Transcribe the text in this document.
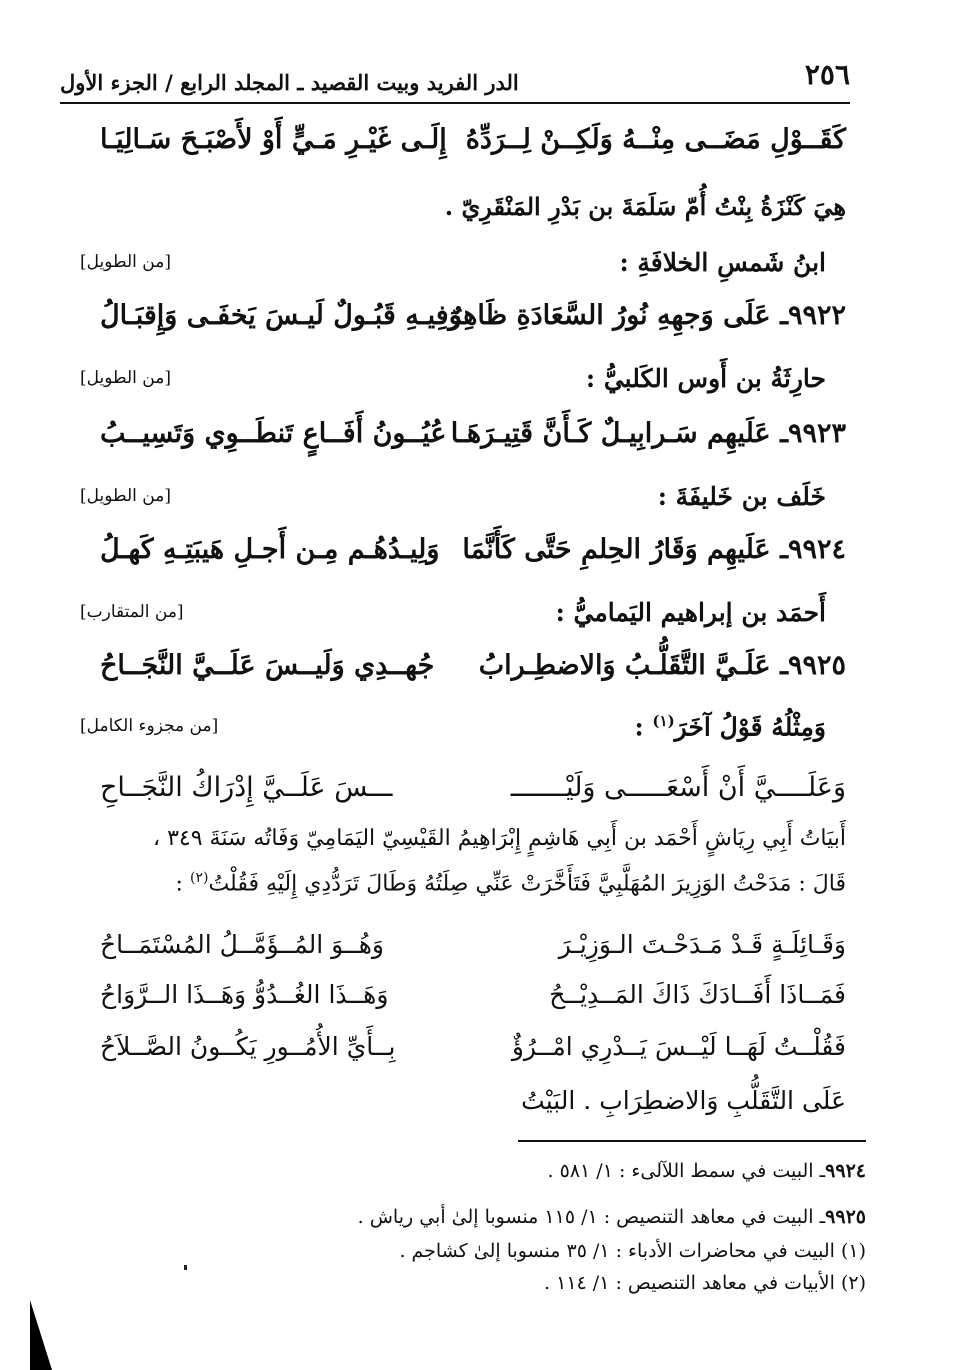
٢٥٦
الدر الفريد وبيت القصيد ـ المجلد الرابع / الجزء الأول
كَقَــوْلِ مَضَــى مِنْــهُ وَلَكِــنْ لِــرَدِّهُ
إِلَـى غَيْـرِ مَـيٍّ أَوْ لأَصْبَـحَ سَـالِيَـا
هِيَ كَنْزَةُ بِنْتُ أُمّ سَلَمَةَ بن بَدْرِ المَنْقَرِيّ .
ابنُ شَمسِ الخلافَةِ :
[من الطويل]
٩٩٢٢ـ عَلَى وَجهِهِ نُورُ السَّعَادَةِ ظَاهِرٌ
وَفِيـهِ قَبُـولٌ لَيـسَ يَخفَـى وَإِقبَـالُ
حارِثَةُ بن أَوس الكَلبيُّ :
[من الطويل]
٩٩٢٣ـ عَلَيهِم سَـرابِيـلٌ كَـأَنَّ قَتِيـرَهَـا
عُيُــونُ أَفَــاعٍ تَنطَــوِي وَتَسِيــبُ
خَلَف بن خَليفَةَ :
[من الطويل]
٩٩٢٤ـ عَلَيهِم وَقَارُ الحِلمِ حَتَّى كَأَنَّمَا
وَلِيـدُهُـم مِـن أَجـلِ هَيبَتِـهِ كَهـلُ
أَحمَد بن إبراهيم اليَماميُّ :
[من المتقارب]
٩٩٢٥ـ عَلَـيَّ التَّقَلُّـبُ وَالاضطِـرابُ
جُهــدِي وَلَيــسَ عَلَــيَّ النَّجَــاحُ
وَمِثْلُهُ قَوْلُ آخَرَ$^{(١)}$ :
[من مجزوء الكامل]
وَعَلَــــيَّ أَنْ أَسْعَـــــى وَلَيْـــــــ
ـــسَ عَلَــيَّ إِدْرَاكُ النَّجَــاحِ
أَبيَاتُ أَبِي رِيَاشٍ أَحْمَد بن أَبِي هَاشِمٍ إِبْرَاهِيمُ القَيْسِيّ اليَمَامِيّ وَفَاتُه سَنَةَ ٣٤٩ ،
قَالَ : مَدَحْتُ الوَزِيرَ المُهَلَّبِيَّ فَتَأَخَّرَتْ عَنِّي صِلَتُهُ وَطَالَ تَرَدُّدِي إِلَيْهِ فَقُلْتُ$^{(٢)}$ :
وَقَـائِلَـةٍ قَـدْ مَـدَحْـتَ الـوَزِيْـرَ
وَهُــوَ المُــؤَمَّــلُ المُسْتَمَــاحُ
فَمَــاذَا أَفَــادَكَ ذَاكَ المَــدِيْــحُ
وَهَــذَا الغُــدُوُّ وَهَــذَا الــرَّوَاحُ
فَقُلْــتُ لَهَــا لَيْــسَ يَــدْرِي امْــرُؤٌ
بِــأَيِّ الأُمُــورِ يَكُــونُ الصَّــلاَحُ
عَلَى التَّقَلُّبِ وَالاضطِرَابِ . البَيْتُ
٩٩٢٤ـ البيت في سمط اللآلىء : ١/ ٥٨١ .
٩٩٢٥ـ البيت في معاهد التنصيص : ١/ ١١٥ منسوبا إلىٰ أبي رياش .
(١) البيت في محاضرات الأدباء : ١/ ٣٥ منسوبا إلىٰ كشاجم .
(٢) الأبيات في معاهد التنصيص : ١/ ١١٤ .
